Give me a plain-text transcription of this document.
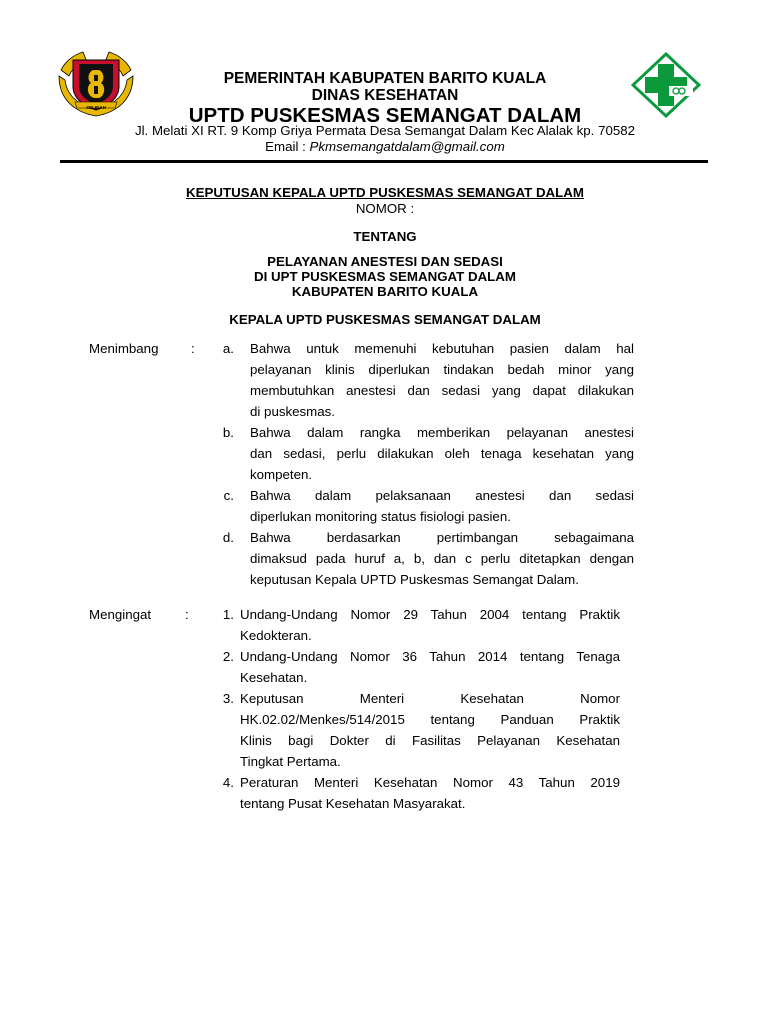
SELIDAH
PEMERINTAH KABUPATEN BARITO KUALA
DINAS KESEHATAN
UPTD PUSKESMAS SEMANGAT DALAM
Jl. Melati XI RT. 9 Komp Griya Permata Desa Semangat Dalam Kec Alalak kp. 70582
Email : Pkmsemangatdalam@gmail.com
KEPUTUSAN KEPALA UPTD PUSKESMAS SEMANGAT DALAM
NOMOR :
TENTANG
PELAYANAN ANESTESI DAN SEDASI
DI UPT PUSKESMAS SEMANGAT DALAM
KABUPATEN BARITO KUALA
KEPALA UPTD PUSKESMAS SEMANGAT DALAM
Menimbang :	a. Bahwa untuk memenuhi kebutuhan pasien dalam hal
pelayanan klinis diperlukan tindakan bedah minor yang
membutuhkan anestesi dan sedasi yang dapat dilakukan
di puskesmas.
b. Bahwa dalam rangka memberikan pelayanan anestesi
dan sedasi, perlu dilakukan oleh tenaga kesehatan yang
kompeten.
c. Bahwa dalam pelaksanaan anestesi dan sedasi
diperlukan monitoring status fisiologi pasien.
d. Bahwa berdasarkan pertimbangan sebagaimana
dimaksud pada huruf a, b, dan c perlu ditetapkan dengan
keputusan Kepala UPTD Puskesmas Semangat Dalam.
Mengingat	:	1. Undang-Undang Nomor 29 Tahun 2004 tentang Praktik
Kedokteran.
2. Undang-Undang Nomor 36 Tahun 2014 tentang Tenaga
Kesehatan.
3. Keputusan Menteri Kesehatan Nomor
HK.02.02/Menkes/514/2015 tentang Panduan Praktik
Klinis bagi Dokter di Fasilitas Pelayanan Kesehatan
Tingkat Pertama.
4. Peraturan Menteri Kesehatan Nomor 43 Tahun 2019
tentang Pusat Kesehatan Masyarakat.
